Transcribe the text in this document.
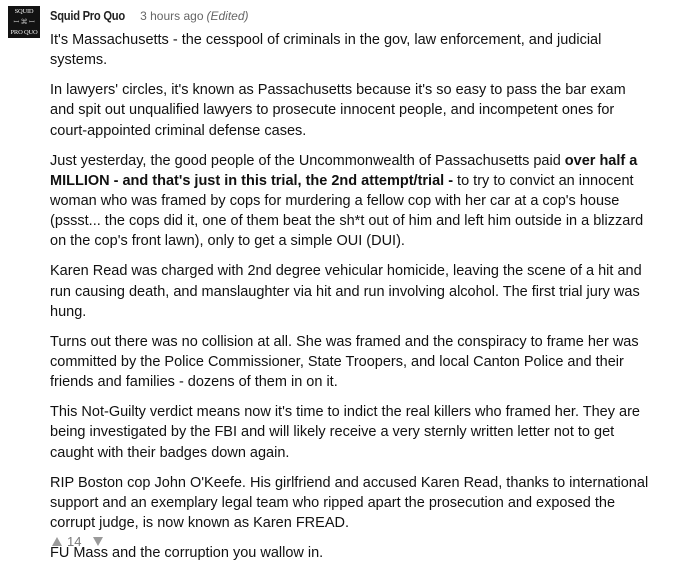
SQUID
ꟷ ⌘ ꟷ
PRO QUO
Squid Pro Quo 3 hours ago (Edited)

It's Massachusetts - the cesspool of criminals in the gov, law enforcement, and judicial systems.

In lawyers' circles, it's known as Passachusetts because it's so easy to pass the bar exam and spit out unqualified lawyers to prosecute innocent people, and incompetent ones for court-appointed criminal defense cases.

Just yesterday, the good people of the Uncommonwealth of Passachusetts paid over half a MILLION - and that's just in this trial, the 2nd attempt/trial - to try to convict an innocent woman who was framed by cops for murdering a fellow cop with her car at a cop's house (pssst... the cops did it, one of them beat the sh*t out of him and left him outside in a blizzard on the cop's front lawn), only to get a simple OUI (DUI).

Karen Read was charged with 2nd degree vehicular homicide, leaving the scene of a hit and run causing death, and manslaughter via hit and run involving alcohol. The first trial jury was hung.

Turns out there was no collision at all. She was framed and the conspiracy to frame her was committed by the Police Commissioner, State Troopers, and local Canton Police and their friends and families - dozens of them in on it.

This Not-Guilty verdict means now it's time to indict the real killers who framed her. They are being investigated by the FBI and will likely receive a very sternly written letter not to get caught with their badges down again.

RIP Boston cop John O'Keefe. His girlfriend and accused Karen Read, thanks to international support and an exemplary legal team who ripped apart the prosecution and exposed the corrupt judge, is now known as Karen FREAD.

FU Mass and the corruption you wallow in.

14
